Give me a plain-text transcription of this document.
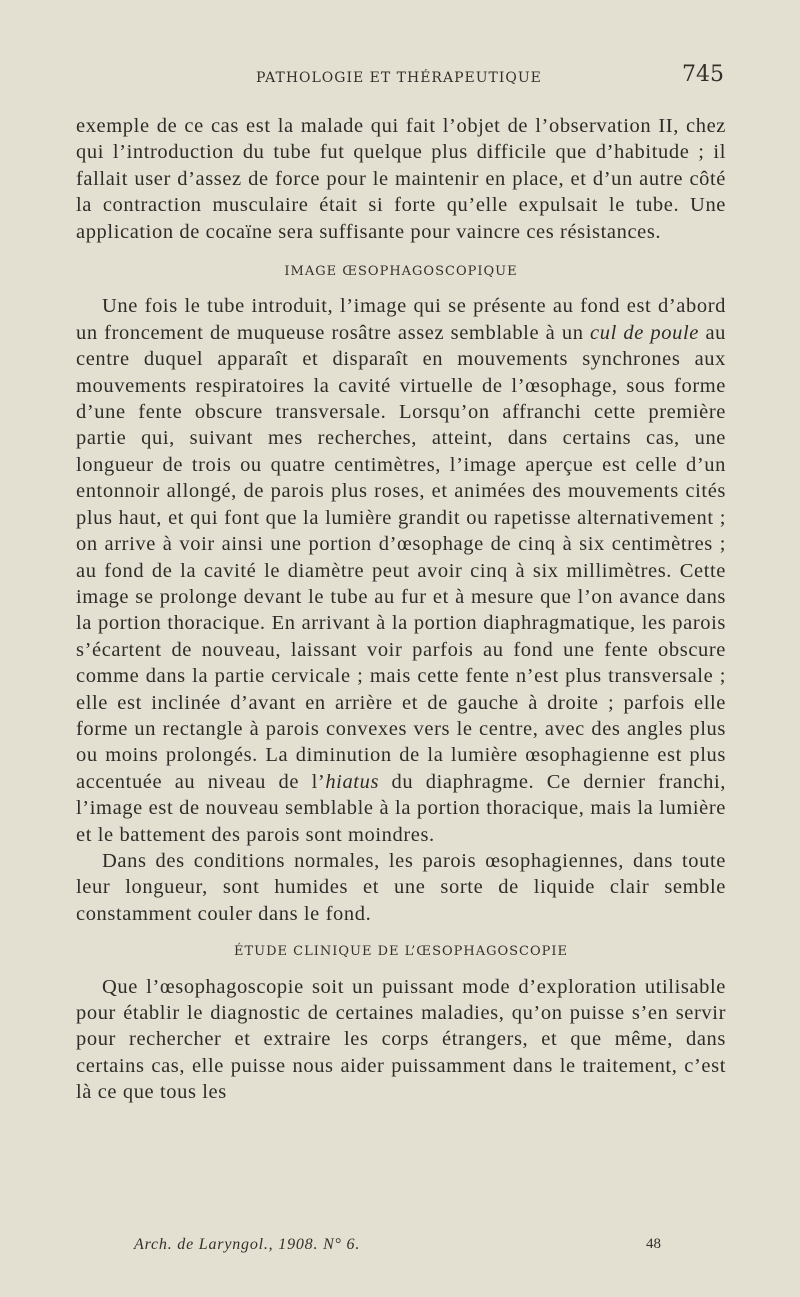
PATHOLOGIE ET THÉRAPEUTIQUE	745

exemple de ce cas est la malade qui fait l’objet de l’observation II, chez qui l’introduction du tube fut quelque plus difficile que d’habitude ; il fallait user d’assez de force pour le maintenir en place, et d’un autre côté la contraction musculaire était si forte qu’elle expulsait le tube. Une application de cocaïne sera suffisante pour vaincre ces résistances.

IMAGE ŒSOPHAGOSCOPIQUE

Une fois le tube introduit, l’image qui se présente au fond est d’abord un froncement de muqueuse rosâtre assez semblable à un cul de poule au centre duquel apparaît et disparaît en mouvements synchrones aux mouvements respiratoires la cavité virtuelle de l’œsophage, sous forme d’une fente obscure transversale. Lorsqu’on affranchi cette première partie qui, suivant mes recherches, atteint, dans certains cas, une longueur de trois ou quatre centimètres, l’image aperçue est celle d’un entonnoir allongé, de parois plus roses, et animées des mouvements cités plus haut, et qui font que la lumière grandit ou rapetisse alternativement ; on arrive à voir ainsi une portion d’œsophage de cinq à six centimètres ; au fond de la cavité le diamètre peut avoir cinq à six millimètres. Cette image se prolonge devant le tube au fur et à mesure que l’on avance dans la portion thoracique. En arrivant à la portion diaphragmatique, les parois s’écartent de nouveau, laissant voir parfois au fond une fente obscure comme dans la partie cervicale ; mais cette fente n’est plus transversale ; elle est inclinée d’avant en arrière et de gauche à droite ; parfois elle forme un rectangle à parois convexes vers le centre, avec des angles plus ou moins prolongés. La diminution de la lumière œsophagienne est plus accentuée au niveau de l’hiatus du diaphragme. Ce dernier franchi, l’image est de nouveau semblable à la portion thoracique, mais la lumière et le battement des parois sont moindres.

Dans des conditions normales, les parois œsophagiennes, dans toute leur longueur, sont humides et une sorte de liquide clair semble constamment couler dans le fond.

ÉTUDE CLINIQUE DE L’ŒSOPHAGOSCOPIE

Que l’œsophagoscopie soit un puissant mode d’exploration utilisable pour établir le diagnostic de certaines maladies, qu’on puisse s’en servir pour rechercher et extraire les corps étrangers, et que même, dans certains cas, elle puisse nous aider puissamment dans le traitement, c’est là ce que tous les

Arch. de Laryngol., 1908. N° 6.	48
